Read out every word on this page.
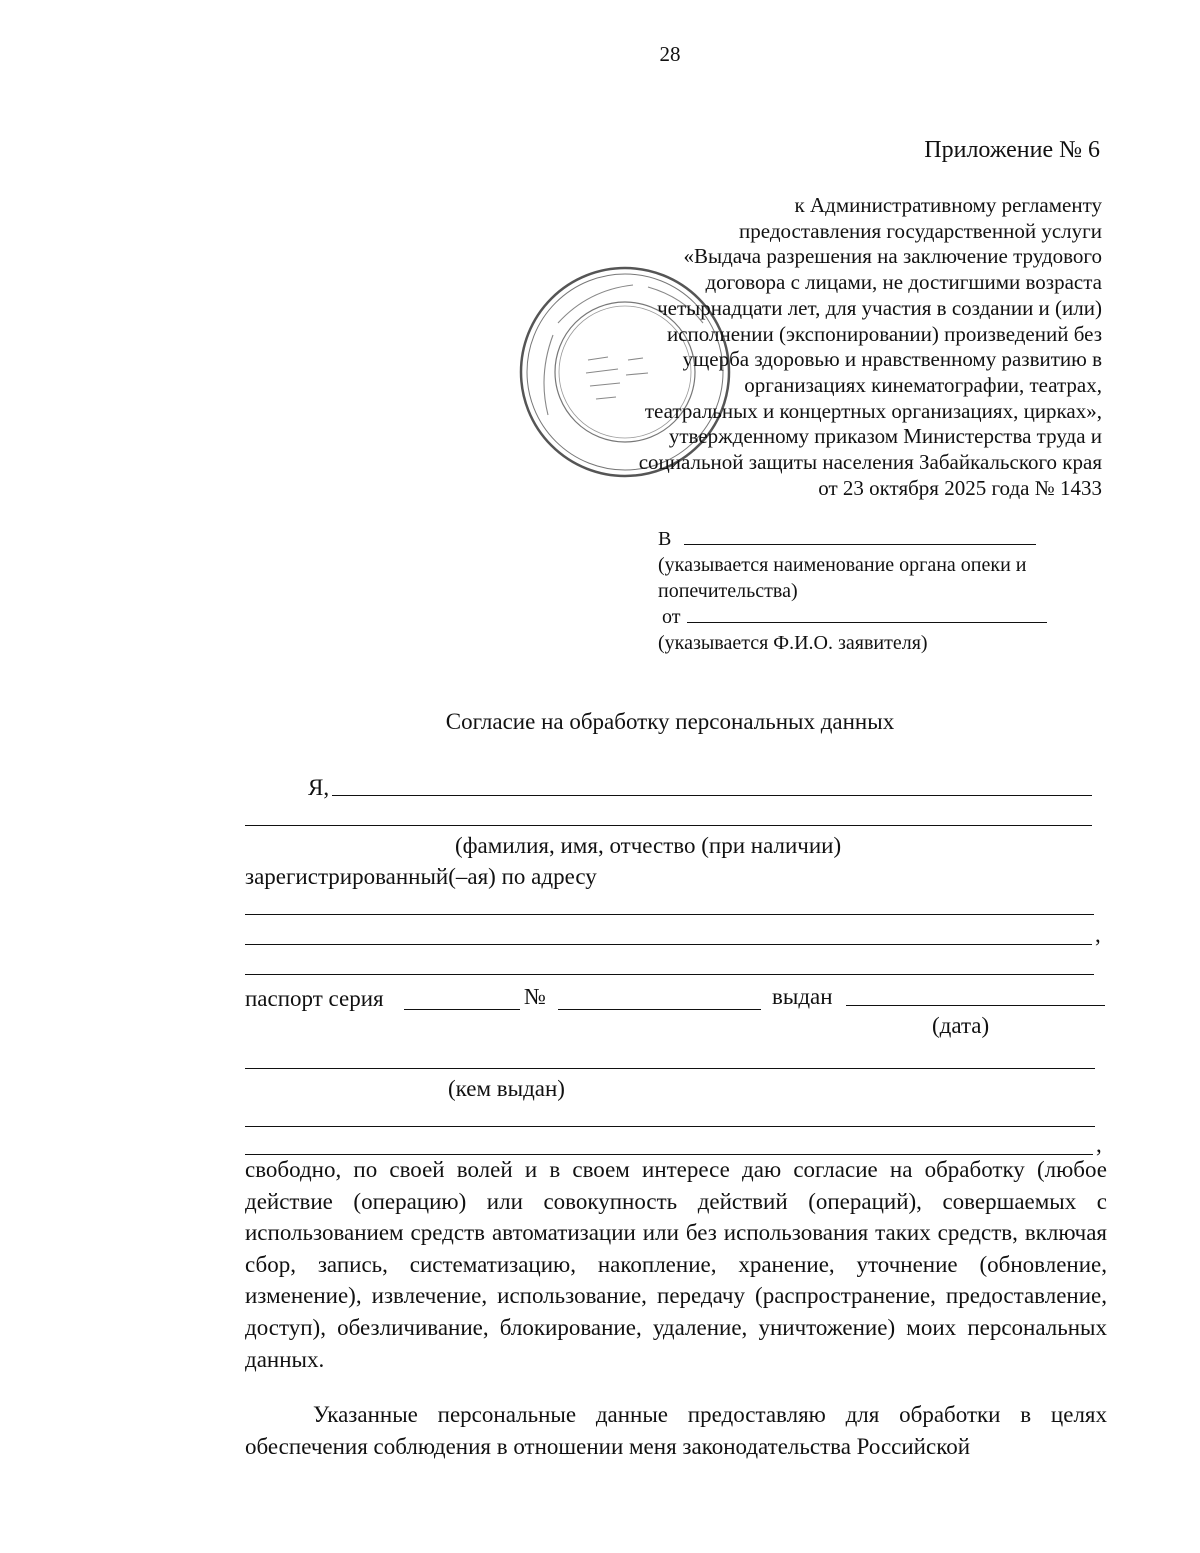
28

Приложение № 6

к Административному регламенту
предоставления государственной услуги
«Выдача разрешения на заключение трудового
договора с лицами, не достигшими возраста
четырнадцати лет, для участия в создании и (или)
исполнении (экспонировании) произведений без
ущерба здоровью и нравственному развитию в
организациях кинематографии, театрах,
театральных и концертных организациях, цирках»,
утвержденному приказом Министерства труда и
социальной защиты населения Забайкальского края
от 23 октября 2025 года № 1433
В
(указывается наименование органа опеки и попечительства)
от
(указывается Ф.И.О. заявителя)

Согласие на обработку персональных данных

Я,
(фамилия, имя, отчество (при наличии)
зарегистрированный(–ая) по адресу
,
паспорт серия	№	выдан
(дата)
(кем выдан)
,

свободно, по своей волей и в своем интересе даю согласие на обработку (любое действие (операцию) или совокупность действий (операций), совершаемых с использованием средств автоматизации или без использования таких средств, включая сбор, запись, систематизацию, накопление, хранение, уточнение (обновление, изменение), извлечение, использование, передачу (распространение, предоставление, доступ), обезличивание, блокирование, удаление, уничтожение) моих персональных данных.

Указанные персональные данные предоставляю для обработки в целях обеспечения соблюдения в отношении меня законодательства Российской
